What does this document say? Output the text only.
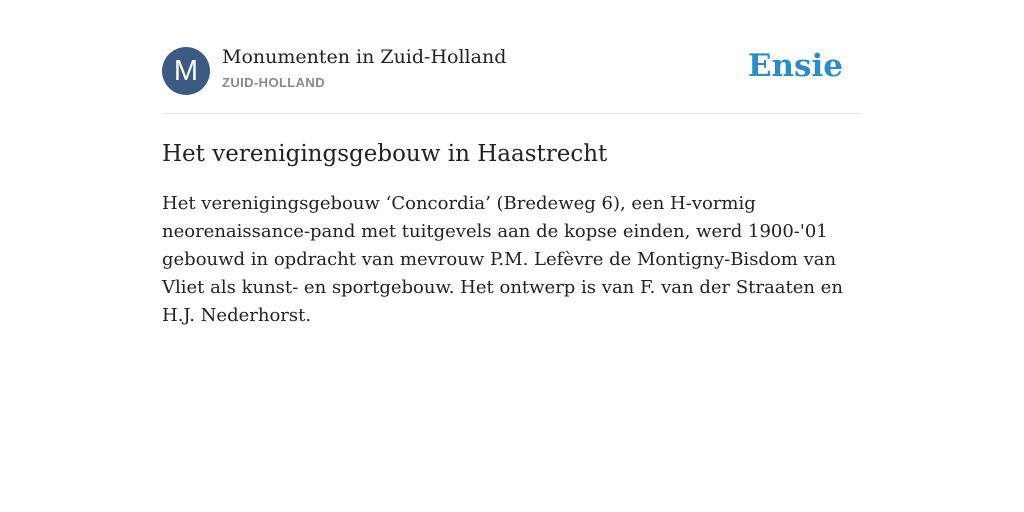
M	Monumenten in Zuid-Holland
ZUID-HOLLAND	Ensie
Het verenigingsgebouw in Haastrecht

Het verenigingsgebouw ‘Concordia’ (Bredeweg 6), een H-vormig neorenaissance-pand met tuitgevels aan de kopse einden, werd 1900-'01 gebouwd in opdracht van mevrouw P.M. Lefèvre de Montigny-Bisdom van Vliet als kunst- en sportgebouw. Het ontwerp is van F. van der Straaten en H.J. Nederhorst.
